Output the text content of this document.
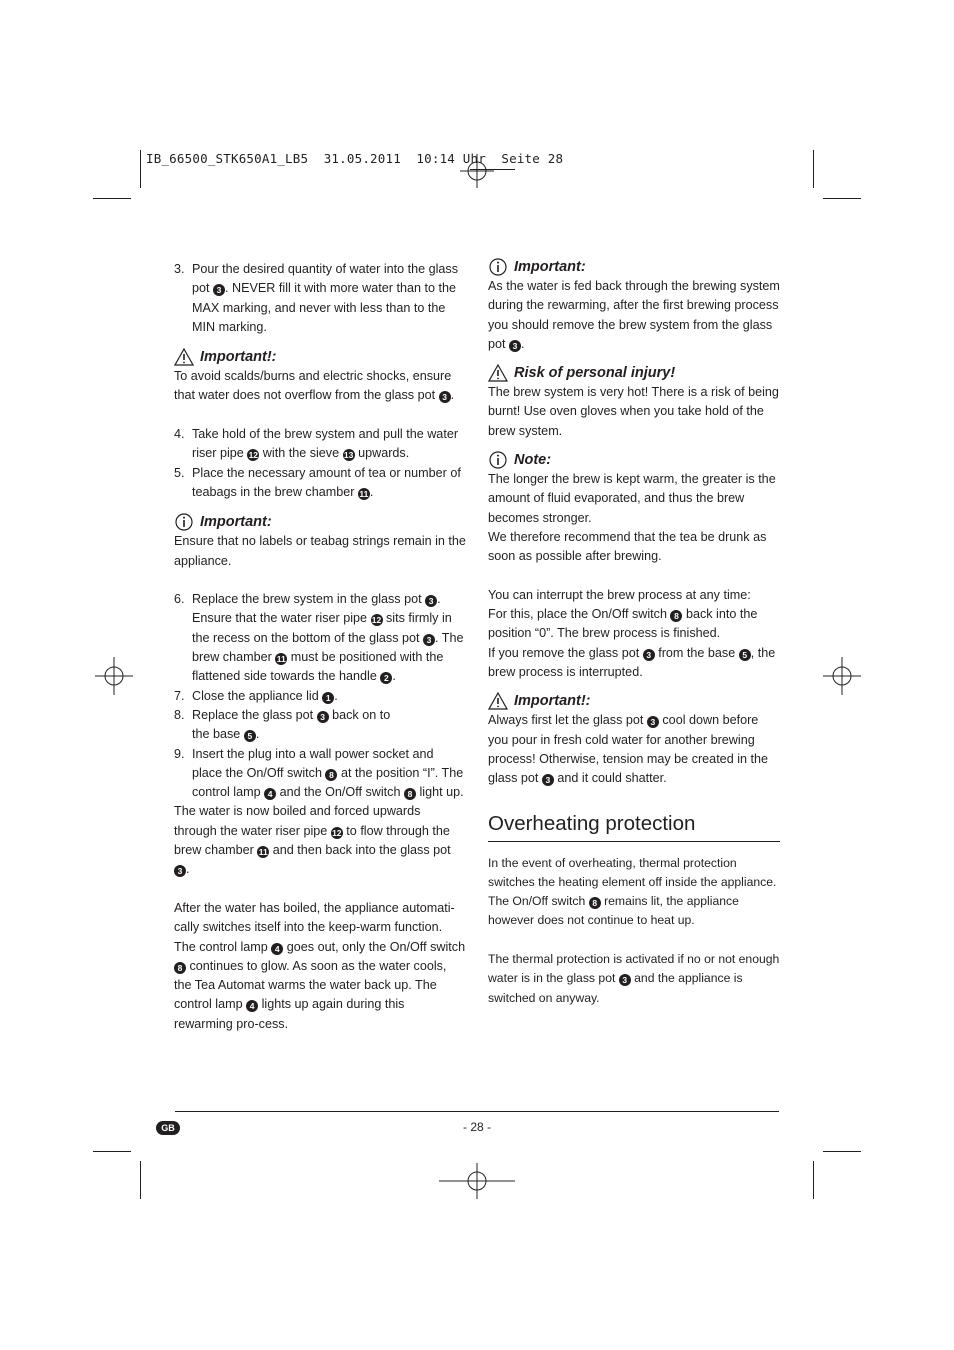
IB_66500_STK650A1_LB5  31.05.2011  10:14 Uhr  Seite 28
3. Pour the desired quantity of water into the glass pot 3 . NEVER fill it with more water than to the MAX marking, and never with less than to the MIN marking.
Important!:

To avoid scalds/burns and electric shocks, ensure that water does not overflow from the glass pot 3 .

4. Take hold of the brew system and pull the water riser pipe 12 with the sieve 13 upwards.
5. Place the necessary amount of tea or number of teabags in the brew chamber 11 .
Important:

Ensure that no labels or teabag strings remain in the appliance.

6. Replace the brew system in the glass pot 3 . Ensure that the water riser pipe 12 sits firmly in the recess on the bottom of the glass pot 3 . The brew chamber 11 must be positioned with the flattened side towards the handle 2 .
7. Close the appliance lid 1 .
8. Replace the glass pot 3 back on to the base 5 .
9. Insert the plug into a wall power socket and place the On/Off switch 8 at the position “I”. The control lamp 4 and the On/Off switch 8 light up.

The water is now boiled and forced upwards through the water riser pipe 12 to flow through the brew chamber 11 and then back into the glass pot 3 .

After the water has boiled, the appliance automati-cally switches itself into the keep-warm function. The control lamp 4 goes out, only the On/Off switch 8 continues to glow. As soon as the water cools, the Tea Automat warms the water back up. The control lamp 4 lights up again during this rewarming pro-cess.

Important:

As the water is fed back through the brewing system during the rewarming, after the first brewing process you should remove the brew system from the glass pot 3 .

Risk of personal injury!

The brew system is very hot! There is a risk of being burnt! Use oven gloves when you take hold of the brew system.

Note:

The longer the brew is kept warm, the greater is the amount of fluid evaporated, and thus the brew becomes stronger.

We therefore recommend that the tea be drunk as soon as possible after brewing.

You can interrupt the brew process at any time:

For this, place the On/Off switch 8 back into the position “0”. The brew process is finished.

If you remove the glass pot 3 from the base 5 , the brew process is interrupted.

Important!:

Always first let the glass pot 3 cool down before you pour in fresh cold water for another brewing process! Otherwise, tension may be created in the glass pot 3 and it could shatter.

Overheating protection

In the event of overheating, thermal protection switches the heating element off inside the appliance. The On/Off switch 8 remains lit, the appliance however does not continue to heat up.

The thermal protection is activated if no or not enough water is in the glass pot 3 and the appliance is switched on anyway.

GB	- 28 -
